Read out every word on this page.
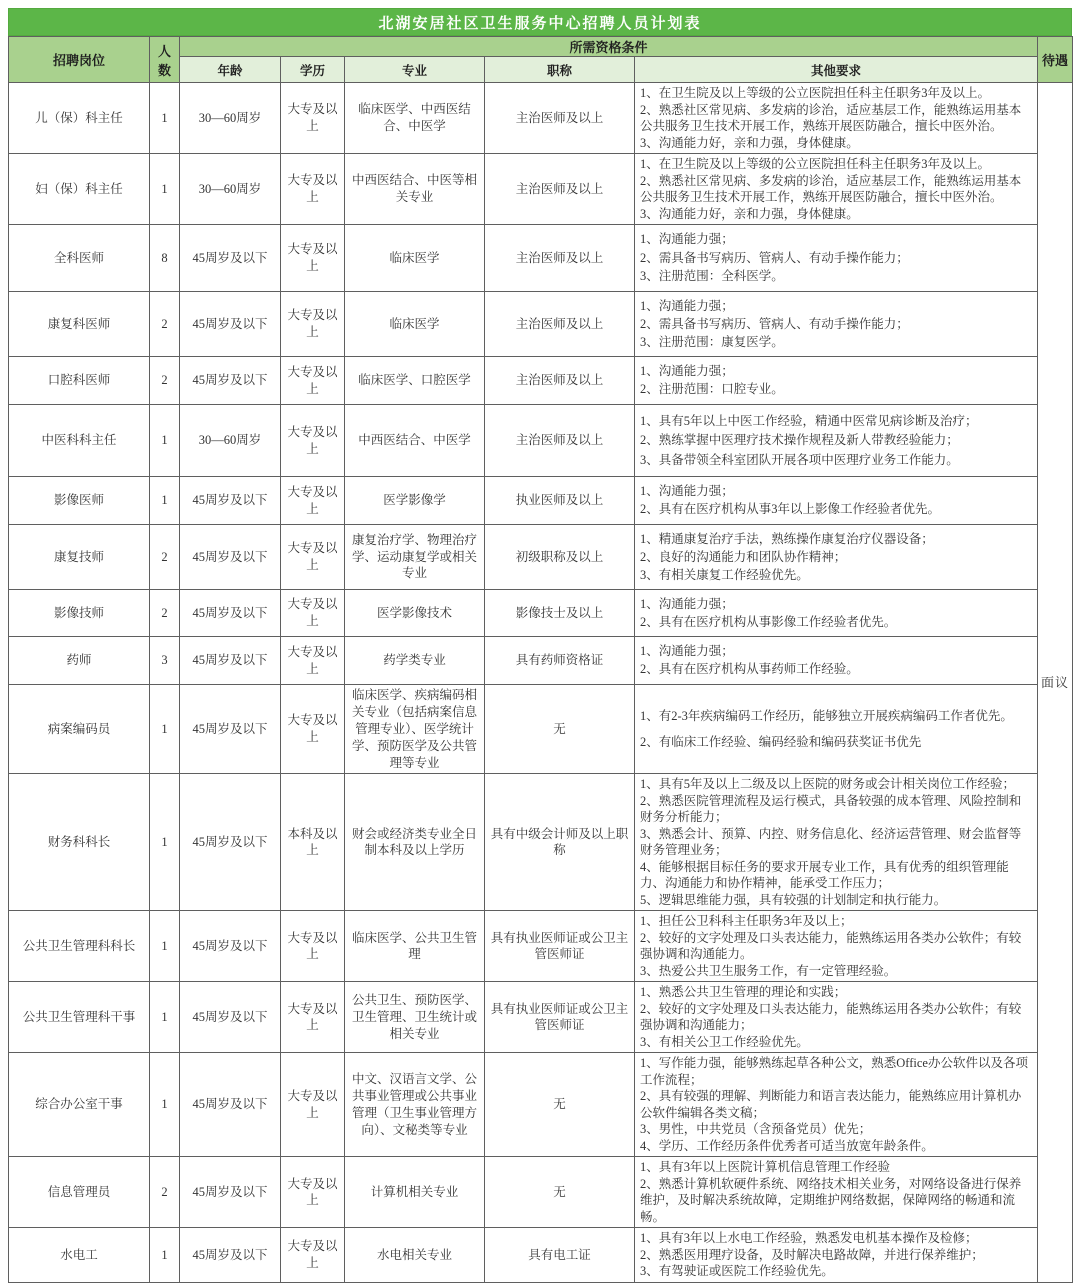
北湖安居社区卫生服务中心招聘人员计划表
招聘岗位	人数	所需资格条件					待遇
		年龄	学历	专业	职称	其他要求	
儿（保）科主任	1	30—60周岁	大专及以上	临床医学、中西医结合、中医学	主治医师及以上	1、在卫生院及以上等级的公立医院担任科主任职务3年及以上。
2、熟悉社区常见病、多发病的诊治，适应基层工作，能熟练运用基本公共服务卫生技术开展工作，熟练开展医防融合，擅长中医外治。
3、沟通能力好，亲和力强，身体健康。	面议
妇（保）科主任	1	30—60周岁	大专及以上	中西医结合、中医等相关专业	主治医师及以上	1、在卫生院及以上等级的公立医院担任科主任职务3年及以上。
2、熟悉社区常见病、多发病的诊治，适应基层工作，能熟练运用基本公共服务卫生技术开展工作，熟练开展医防融合，擅长中医外治。
3、沟通能力好，亲和力强，身体健康。	

全科医师	8	45周岁及以下	大专及以上	临床医学	主治医师及以上	1、沟通能力强；
2、需具备书写病历、管病人、有动手操作能力；
3、注册范围：全科医学。	

康复科医师	2	45周岁及以下	大专及以上	临床医学	主治医师及以上	1、沟通能力强；
2、需具备书写病历、管病人、有动手操作能力；
3、注册范围：康复医学。	

口腔科医师	2	45周岁及以下	大专及以上	临床医学、口腔医学	主治医师及以上	1、沟通能力强；
2、注册范围：口腔专业。	

中医科科主任	1	30—60周岁	大专及以上	中西医结合、中医学	主治医师及以上	1、具有5年以上中医工作经验，精通中医常见病诊断及治疗；
2、熟练掌握中医理疗技术操作规程及新人带教经验能力；
3、具备带领全科室团队开展各项中医理疗业务工作能力。	

影像医师	1	45周岁及以下	大专及以上	医学影像学	执业医师及以上	1、沟通能力强；
2、具有在医疗机构从事3年以上影像工作经验者优先。	

康复技师	2	45周岁及以下	大专及以上	康复治疗学、物理治疗学、运动康复学或相关专业	初级职称及以上	1、精通康复治疗手法，熟练操作康复治疗仪器设备；
2、良好的沟通能力和团队协作精神；
3、有相关康复工作经验优先。	

影像技师	2	45周岁及以下	大专及以上	医学影像技术	影像技士及以上	1、沟通能力强；
2、具有在医疗机构从事影像工作经验者优先。	

药师	3	45周岁及以下	大专及以上	药学类专业	具有药师资格证	1、沟通能力强；
2、具有在医疗机构从事药师工作经验。	

病案编码员	1	45周岁及以下	大专及以上	临床医学、疾病编码相关专业（包括病案信息管理专业）、医学统计学、预防医学及公共管理等专业	无	1、有2-3年疾病编码工作经历，能够独立开展疾病编码工作者优先。
2、有临床工作经验、编码经验和编码获奖证书优先	

财务科科长	1	45周岁及以下	本科及以上	财会或经济类专业全日制本科及以上学历	具有中级会计师及以上职称	1、具有5年及以上二级及以上医院的财务或会计相关岗位工作经验；
2、熟悉医院管理流程及运行模式，具备较强的成本管理、风险控制和财务分析能力；
3、熟悉会计、预算、内控、财务信息化、经济运营管理、财会监督等财务管理业务；
4、能够根据目标任务的要求开展专业工作，具有优秀的组织管理能力、沟通能力和协作精神，能承受工作压力；
5、逻辑思维能力强，具有较强的计划制定和执行能力。	

公共卫生管理科科长	1	45周岁及以下	大专及以上	临床医学、公共卫生管理	具有执业医师证或公卫主管医师证	1、担任公卫科科主任职务3年及以上；
2、较好的文字处理及口头表达能力，能熟练运用各类办公软件；有较强协调和沟通能力。
3、热爱公共卫生服务工作，有一定管理经验。	

公共卫生管理科干事	1	45周岁及以下	大专及以上	公共卫生、预防医学、卫生管理、卫生统计或相关专业	具有执业医师证或公卫主管医师证	1、熟悉公共卫生管理的理论和实践；
2、较好的文字处理及口头表达能力，能熟练运用各类办公软件；有较强协调和沟通能力；
3、有相关公卫工作经验优先。	

综合办公室干事	1	45周岁及以下	大专及以上	中文、汉语言文学、公共事业管理或公共事业管理（卫生事业管理方向）、文秘类等专业	无	1、写作能力强，能够熟练起草各种公文，熟悉Office办公软件以及各项工作流程；
2、具有较强的理解、判断能力和语言表达能力，能熟练应用计算机办公软件编辑各类文稿；
3、男性，中共党员（含预备党员）优先；
4、学历、工作经历条件优秀者可适当放宽年龄条件。	

信息管理员	2	45周岁及以下	大专及以上	计算机相关专业	无	1、具有3年以上医院计算机信息管理工作经验
2、熟悉计算机软硬件系统、网络技术相关业务，对网络设备进行保养维护，及时解决系统故障，定期维护网络数据，保障网络的畅通和流畅。	

水电工	1	45周岁及以下	大专及以上	水电相关专业	具有电工证	1、具有3年以上水电工作经验，熟悉发电机基本操作及检修；
2、熟悉医用理疗设备，及时解决电路故障，并进行保养维护；
3、有驾驶证或医院工作经验优先。	
